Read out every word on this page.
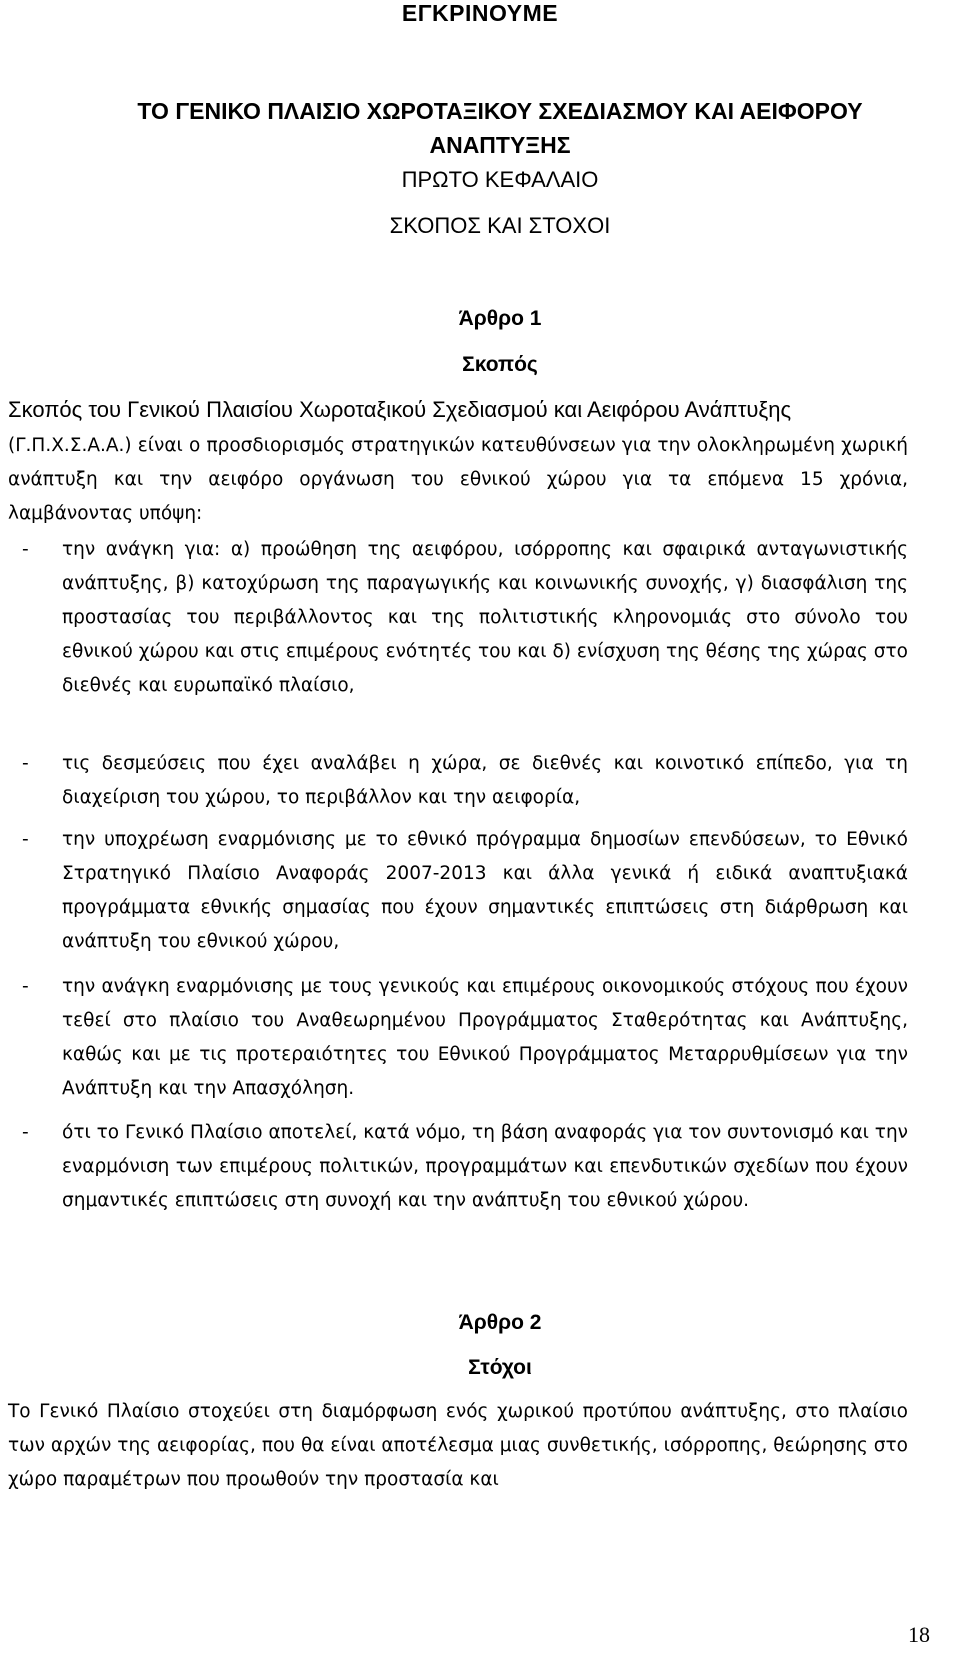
ΕΓΚΡΙΝΟΥΜΕ
ΤΟ ΓΕΝΙΚΟ ΠΛΑΙΣΙΟ ΧΩΡΟΤΑΞΙΚΟΥ ΣΧΕΔΙΑΣΜΟΥ ΚΑΙ ΑΕΙΦΟΡΟΥ ΑΝΑΠΤΥΞΗΣ
ΠΡΩΤΟ ΚΕΦΑΛΑΙΟ
ΣΚΟΠΟΣ ΚΑΙ ΣΤΟΧΟΙ
Άρθρο 1
Σκοπός
Σκοπός του Γενικού Πλαισίου Χωροταξικού Σχεδιασμού και Αειφόρου Ανάπτυξης
(Γ.Π.Χ.Σ.Α.Α.) είναι ο προσδιορισμός στρατηγικών κατευθύνσεων για την ολοκληρωμένη χωρική ανάπτυξη και την αειφόρο οργάνωση του εθνικού χώρου για τα επόμενα 15 χρόνια, λαμβάνοντας υπόψη:
- την ανάγκη για: α) προώθηση της αειφόρου, ισόρροπης και σφαιρικά ανταγωνιστικής ανάπτυξης, β) κατοχύρωση της παραγωγικής και κοινωνικής συνοχής, γ) διασφάλιση της προστασίας του περιβάλλοντος και της πολιτιστικής κληρονομιάς στο σύνολο του εθνικού χώρου και στις επιμέρους ενότητές του και δ) ενίσχυση της θέσης της χώρας στο διεθνές και ευρωπαϊκό πλαίσιο,
- τις δεσμεύσεις που έχει αναλάβει η χώρα, σε διεθνές και κοινοτικό επίπεδο, για τη διαχείριση του χώρου, το περιβάλλον και την αειφορία,
- την υποχρέωση εναρμόνισης με το εθνικό πρόγραμμα δημοσίων επενδύσεων, το Εθνικό Στρατηγικό Πλαίσιο Αναφοράς 2007-2013 και άλλα γενικά ή ειδικά αναπτυξιακά προγράμματα εθνικής σημασίας που έχουν σημαντικές επιπτώσεις στη διάρθρωση και ανάπτυξη του εθνικού χώρου,
- την ανάγκη εναρμόνισης με τους γενικούς και επιμέρους οικονομικούς στόχους που έχουν τεθεί στο πλαίσιο του Αναθεωρημένου Προγράμματος Σταθερότητας και Ανάπτυξης, καθώς και με τις προτεραιότητες του Εθνικού Προγράμματος Μεταρρυθμίσεων για την Ανάπτυξη και την Απασχόληση.
- ότι το Γενικό Πλαίσιο αποτελεί, κατά νόμο, τη βάση αναφοράς για τον συντονισμό και την εναρμόνιση των επιμέρους πολιτικών, προγραμμάτων και επενδυτικών σχεδίων που έχουν σημαντικές επιπτώσεις στη συνοχή και την ανάπτυξη του εθνικού χώρου.
Άρθρο 2
Στόχοι
Το Γενικό Πλαίσιο στοχεύει στη διαμόρφωση ενός χωρικού προτύπου ανάπτυξης, στο πλαίσιο των αρχών της αειφορίας, που θα είναι αποτέλεσμα μιας συνθετικής, ισόρροπης, θεώρησης στο χώρο παραμέτρων που προωθούν την προστασία και
18
